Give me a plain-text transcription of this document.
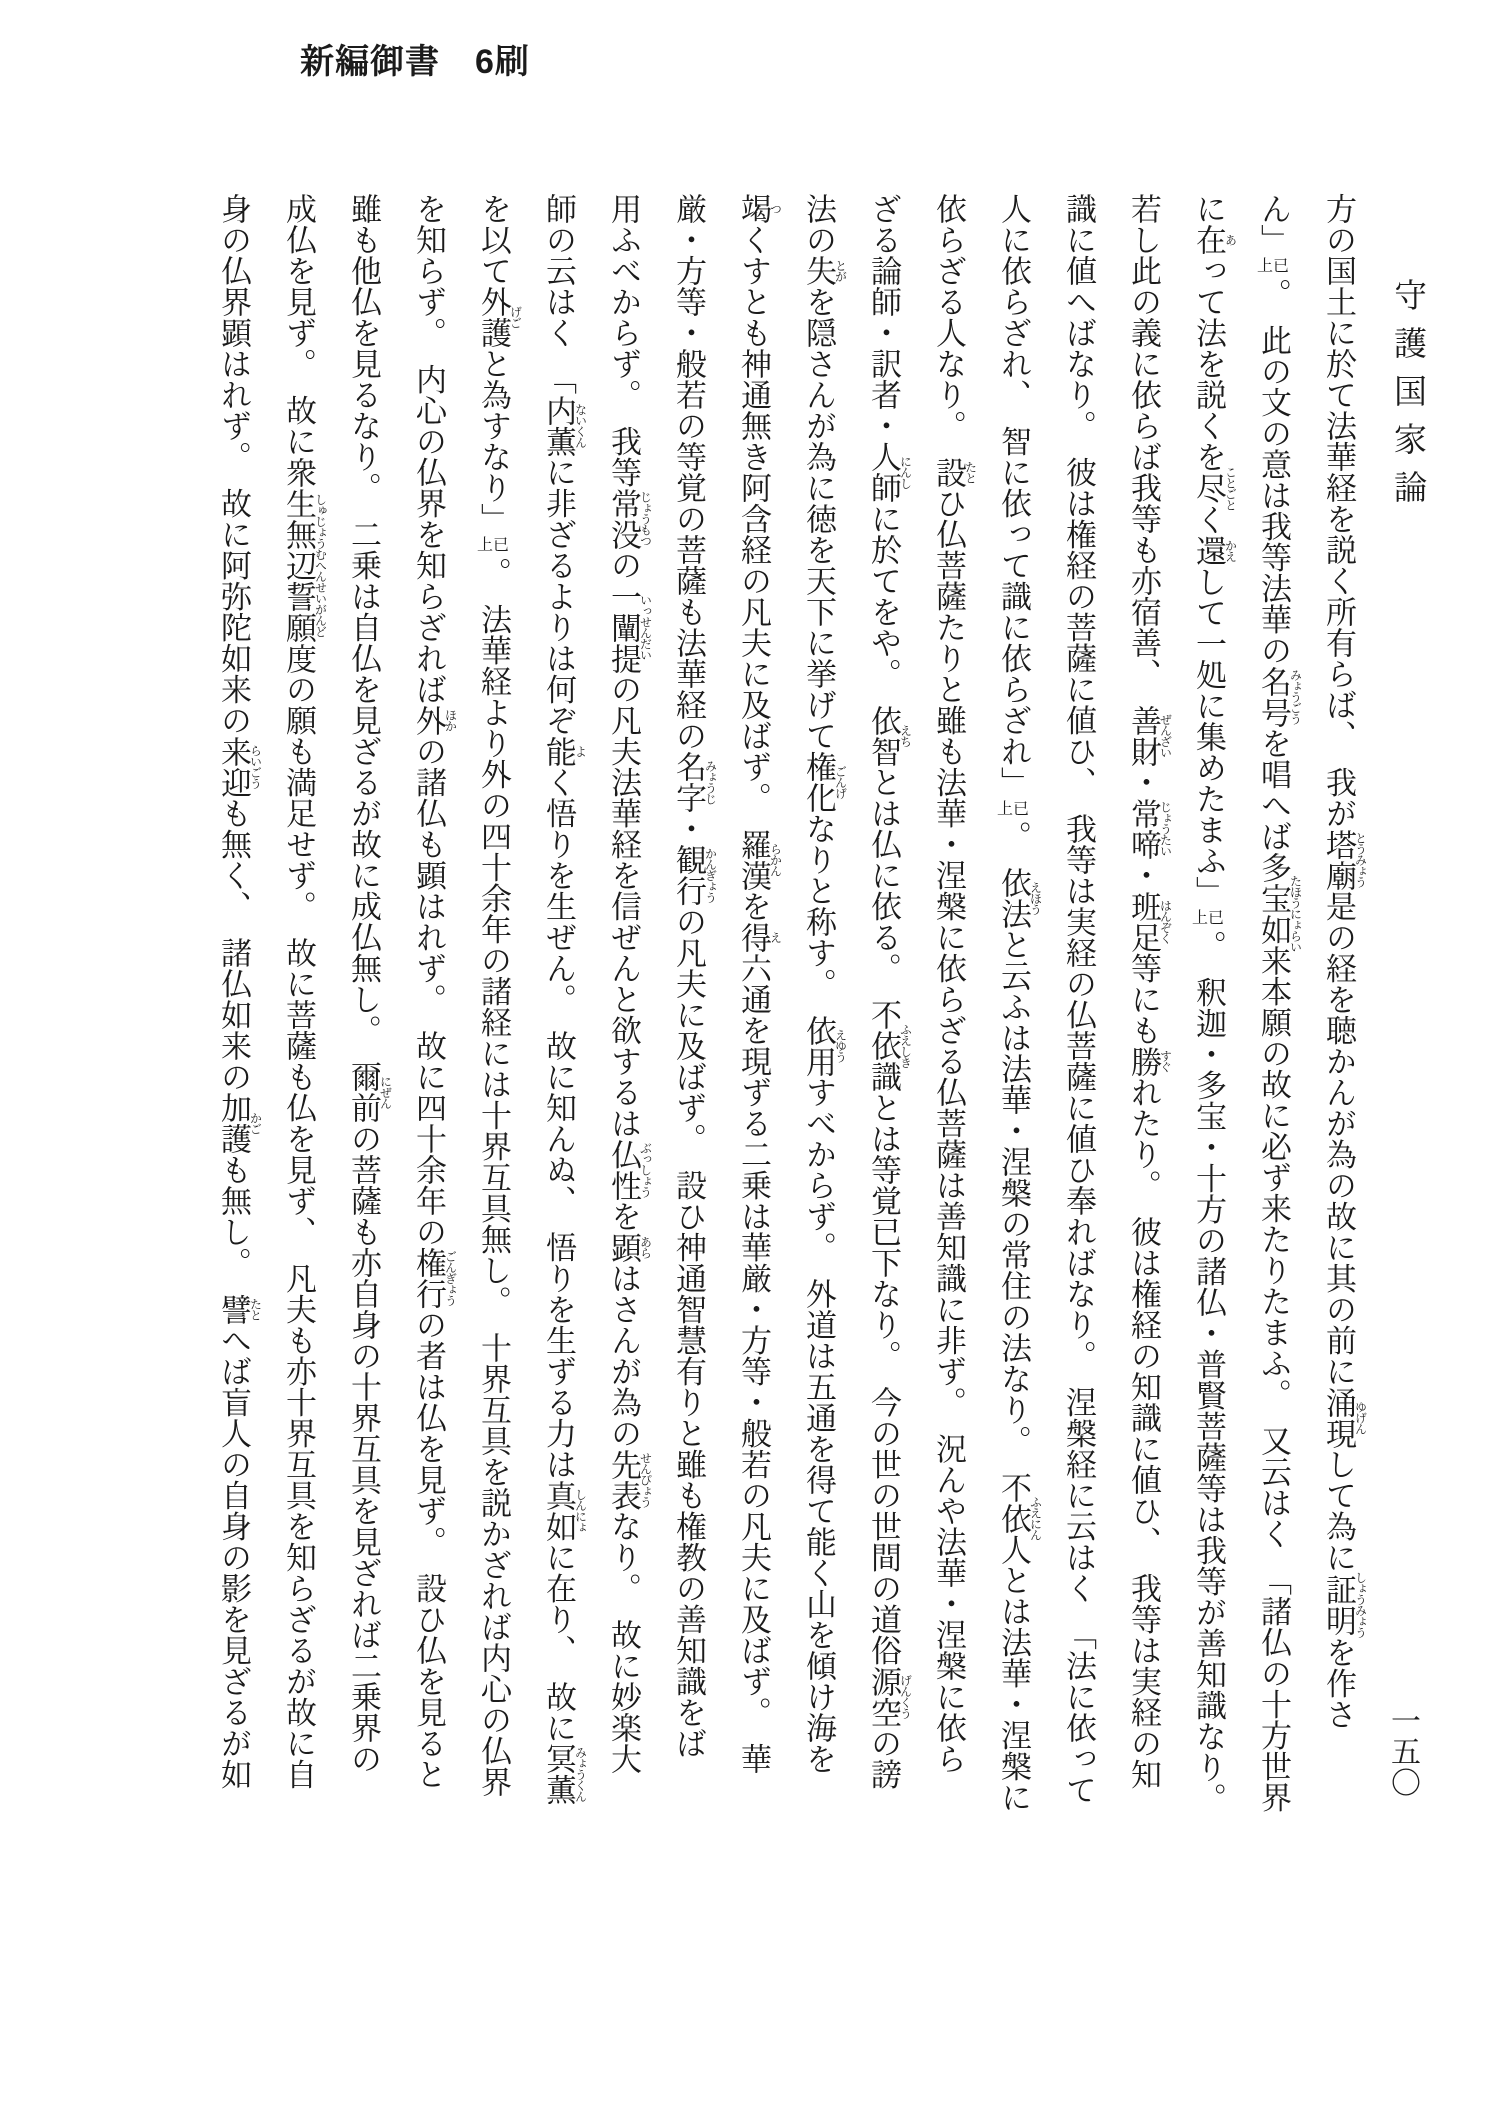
新編御書　6刷
守護国家論
方の国土に於て法華経を説く所有らば、　我が塔廟とうみょう是の経を聴かんが為の故に其の前に涌現ゆげんして為に証明しょうみょうを作さ
ん」已上。　此の文の意は我等法華の名号みょうごうを唱へば多宝如来たほうにょらい本願の故に必ず来たりたまふ。　又云はく　「諸仏の十方世界
に在あって法を説くを尽ことごとく還かえして一処に集めたまふ」已上。　釈迦・多宝・十方の諸仏・普賢菩薩等は我等が善知識なり。
若し此の義に依らば我等も亦宿善、　善財ぜんざい・常啼じょうたい・班足はんぞく等にも勝すぐれたり。　彼は権経の知識に値ひ、　我等は実経の知
識に値へばなり。　彼は権経の菩薩に値ひ、　我等は実経の仏菩薩に値ひ奉ればなり。　涅槃経に云はく　「法に依って
人に依らざれ、　智に依って識に依らざれ」已上。　依法えほうと云ふは法華・涅槃の常住の法なり。　不依人ふえにんとは法華・涅槃に
依らざる人なり。　設たとひ仏菩薩たりと雖も法華・涅槃に依らざる仏菩薩は善知識に非ず。　況んや法華・涅槃に依ら
ざる論師・訳者・人師にんしに於てをや。　依智えちとは仏に依る。　不依識ふえしきとは等覚已下なり。　今の世の世間の道俗源空げんくうの謗
法の失とがを隠さんが為に徳を天下に挙げて権化ごんげなりと称す。　依用えゆうすべからず。　外道は五通を得て能く山を傾け海を
竭つくすとも神通無き阿含経の凡夫に及ばず。　羅漢らかんを得え六通を現ずる二乗は華厳・方等・般若の凡夫に及ばず。　華
厳・方等・般若の等覚の菩薩も法華経の名字みょうじ・観行かんぎょうの凡夫に及ばず。　設ひ神通智慧有りと雖も権教の善知識をば
用ふべからず。　我等常没じょうもつの一闡提いっせんだいの凡夫法華経を信ぜんと欲するは仏性ぶっしょうを顕あらはさんが為の先表せんぴょうなり。　故に妙楽大
師の云はく　「内薫ないくんに非ざるよりは何ぞ能よく悟りを生ぜん。　故に知んぬ、　悟りを生ずる力は真如しんにょに在り、　故に冥薫みょうくん
を以て外護げごと為すなり」已上。　法華経より外の四十余年の諸経には十界互具無し。　十界互具を説かざれば内心の仏界
を知らず。　内心の仏界を知らざれば外ほかの諸仏も顕はれず。　故に四十余年の権行ごんぎょうの者は仏を見ず。　設ひ仏を見ると
雖も他仏を見るなり。　二乗は自仏を見ざるが故に成仏無し。　爾前にぜんの菩薩も亦自身の十界互具を見ざれば二乗界の
成仏を見ず。　故に衆生無辺誓願度しゅじょうむへんせいがんどの願も満足せず。　故に菩薩も仏を見ず、　凡夫も亦十界互具を知らざるが故に自
身の仏界顕はれず。　故に阿弥陀如来の来迎らいごうも無く、　諸仏如来の加護かごも無し。　譬たとへば盲人の自身の影を見ざるが如	一五〇
